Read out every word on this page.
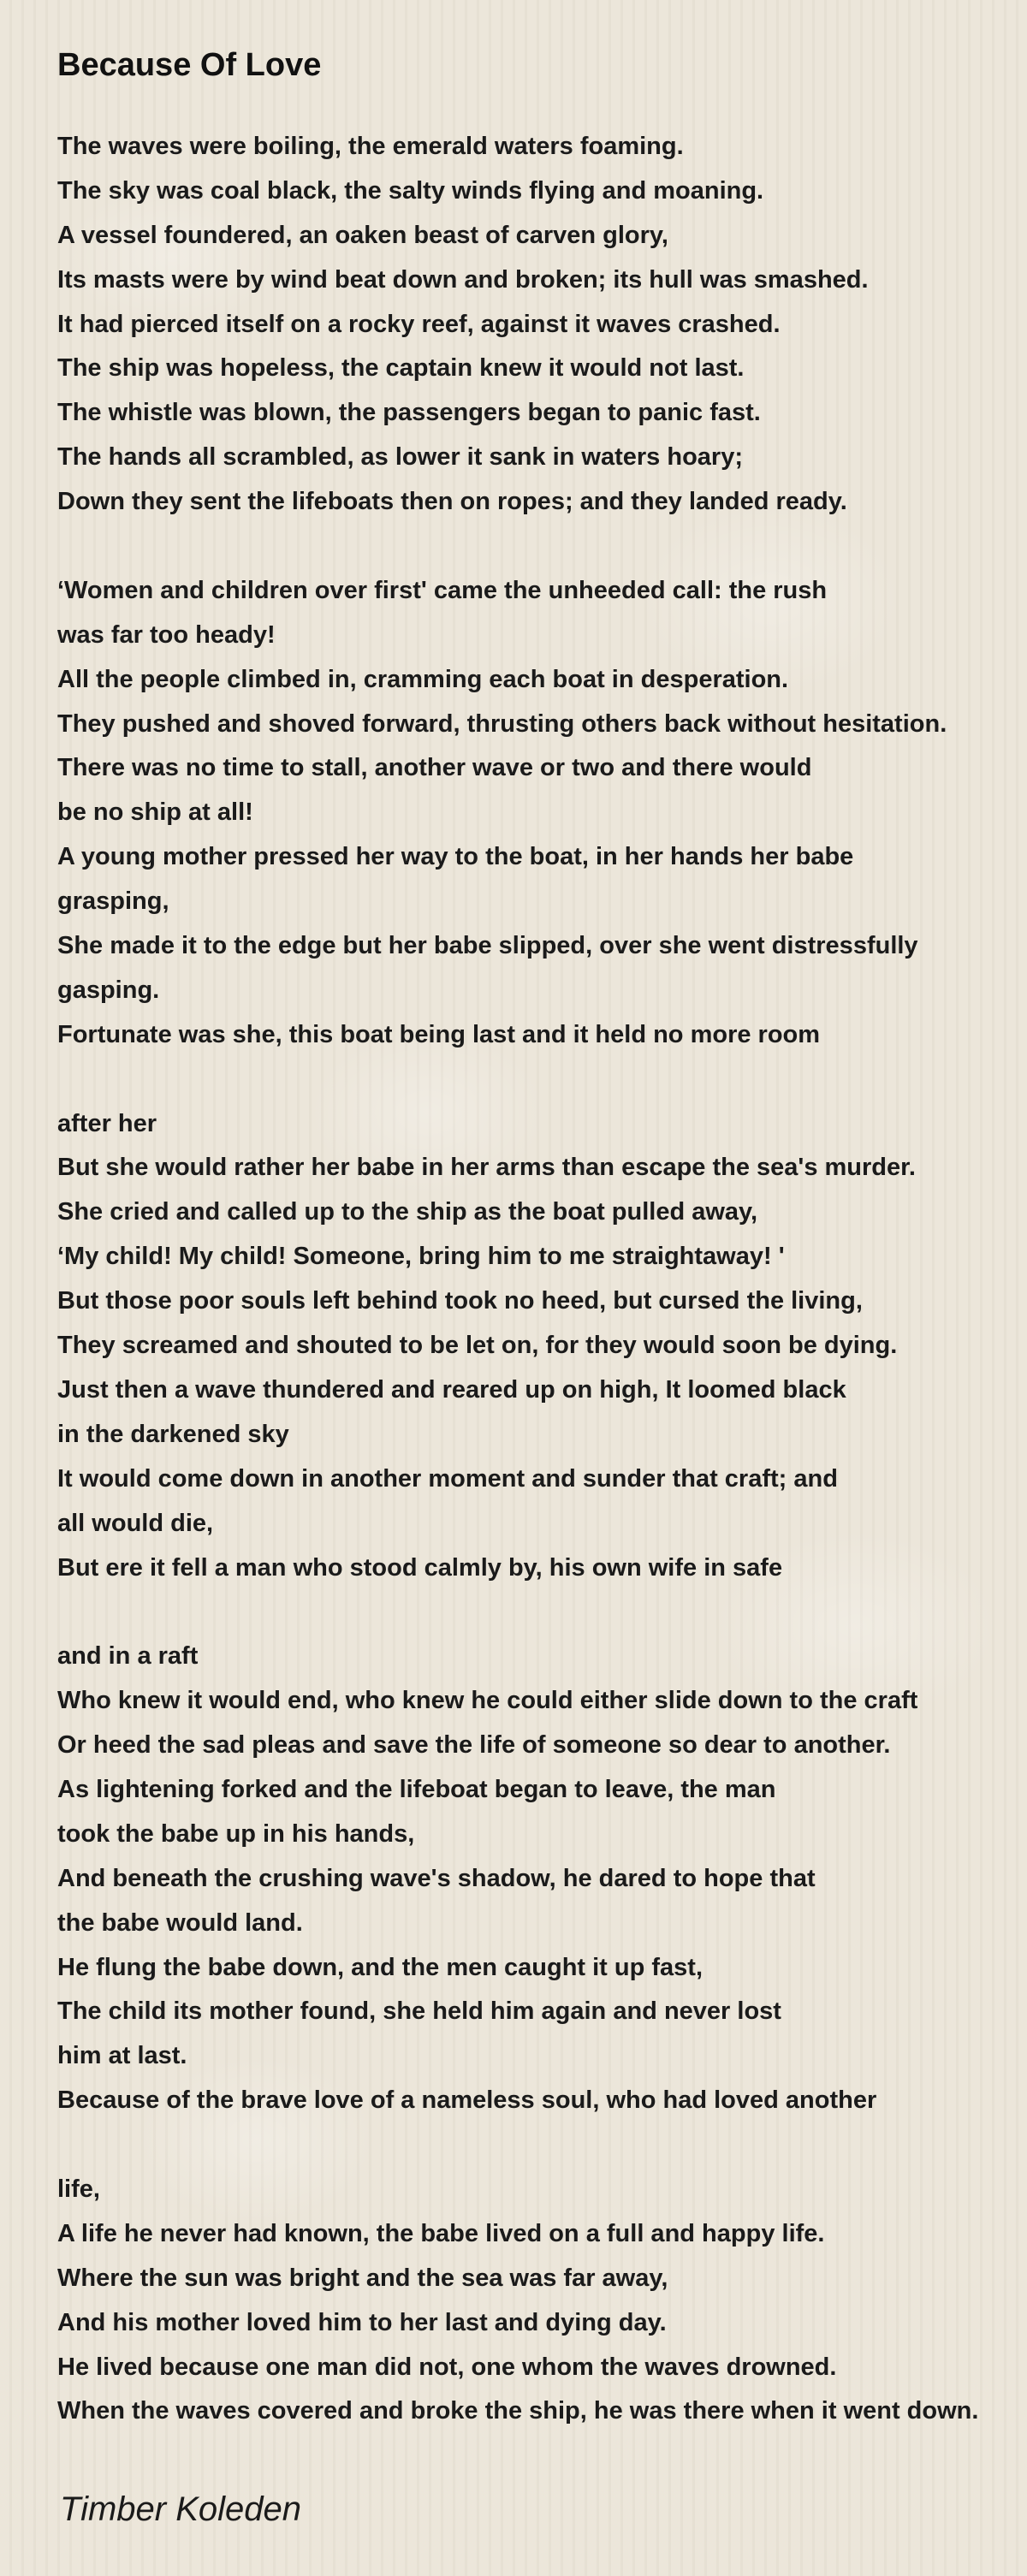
Because Of Love
The waves were boiling, the emerald waters foaming.
The sky was coal black, the salty winds flying and moaning.
A vessel foundered, an oaken beast of carven glory,
Its masts were by wind beat down and broken; its hull was smashed.
It had pierced itself on a rocky reef, against it waves crashed.
The ship was hopeless, the captain knew it would not last.
The whistle was blown, the passengers began to panic fast.
The hands all scrambled, as lower it sank in waters hoary;
Down they sent the lifeboats then on ropes; and they landed ready.
‘Women and children over first' came the unheeded call: the rush
was far too heady!
All the people climbed in, cramming each boat in desperation.
They pushed and shoved forward, thrusting others back without hesitation.
There was no time to stall, another wave or two and there would
be no ship at all!
A young mother pressed her way to the boat, in her hands her babe
grasping,
She made it to the edge but her babe slipped, over she went distressfully
gasping.
Fortunate was she, this boat being last and it held no more room
after her
But she would rather her babe in her arms than escape the sea's murder.
She cried and called up to the ship as the boat pulled away,
‘My child! My child! Someone, bring him to me straightaway! '
But those poor souls left behind took no heed, but cursed the living,
They screamed and shouted to be let on, for they would soon be dying.
Just then a wave thundered and reared up on high, It loomed black
in the darkened sky
It would come down in another moment and sunder that craft; and
all would die,
But ere it fell a man who stood calmly by, his own wife in safe
and in a raft
Who knew it would end, who knew he could either slide down to the craft
Or heed the sad pleas and save the life of someone so dear to another.
As lightening forked and the lifeboat began to leave, the man
took the babe up in his hands,
And beneath the crushing wave's shadow, he dared to hope that
the babe would land.
He flung the babe down, and the men caught it up fast,
The child its mother found, she held him again and never lost
him at last.
Because of the brave love of a nameless soul, who had loved another
life,
A life he never had known, the babe lived on a full and happy life.
Where the sun was bright and the sea was far away,
And his mother loved him to her last and dying day.
He lived because one man did not, one whom the waves drowned.
When the waves covered and broke the ship, he was there when it went down.
Timber Koleden
